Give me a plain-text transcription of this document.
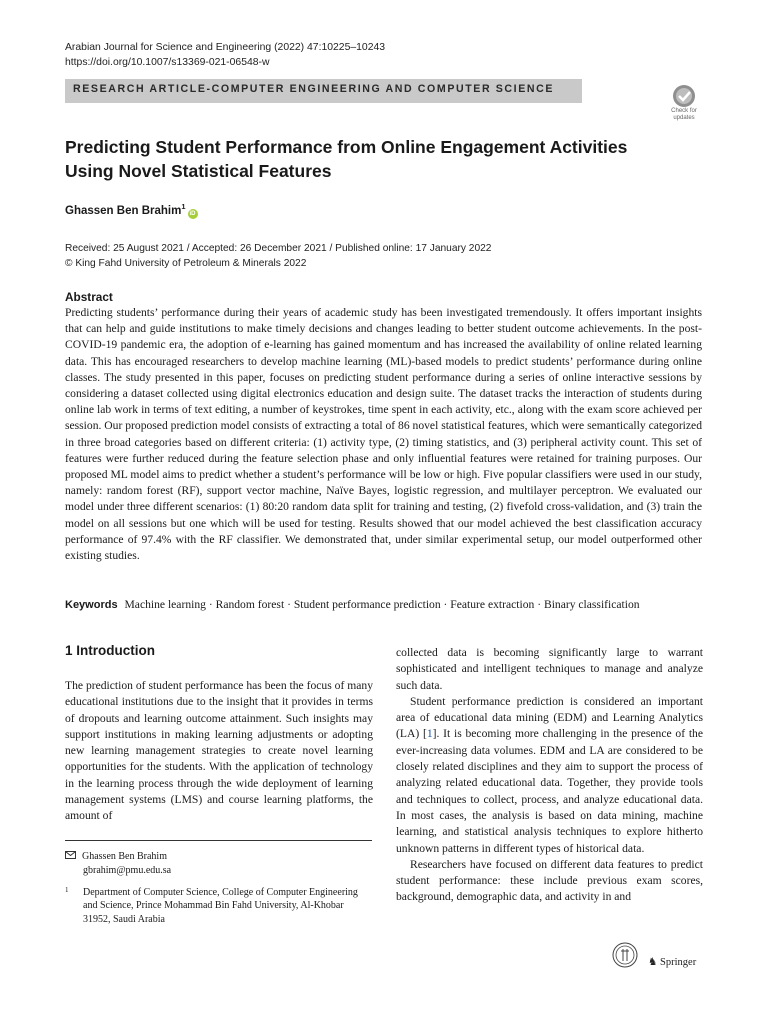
Arabian Journal for Science and Engineering (2022) 47:10225–10243
https://doi.org/10.1007/s13369-021-06548-w
RESEARCH ARTICLE-COMPUTER ENGINEERING AND COMPUTER SCIENCE
Check for updates
Predicting Student Performance from Online Engagement Activities
Using Novel Statistical Features
Ghassen Ben Brahim$^1$iD
Received: 25 August 2021 / Accepted: 26 December 2021 / Published online: 17 January 2022
© King Fahd University of Petroleum & Minerals 2022
Abstract
Predicting students’ performance during their years of academic study has been investigated tremendously. It offers important insights that can help and guide institutions to make timely decisions and changes leading to better student outcome achievements. In the post-COVID-19 pandemic era, the adoption of e-learning has gained momentum and has increased the availability of online related learning data. This has encouraged researchers to develop machine learning (ML)-based models to predict students’ performance during online classes. The study presented in this paper, focuses on predicting student performance during a series of online interactive sessions by considering a dataset collected using digital electronics education and design suite. The dataset tracks the interaction of students during online lab work in terms of text editing, a number of keystrokes, time spent in each activity, etc., along with the exam score achieved per session. Our proposed prediction model consists of extracting a total of 86 novel statistical features, which were semantically categorized in three broad categories based on different criteria: (1) activity type, (2) timing statistics, and (3) peripheral activity count. This set of features were further reduced during the feature selection phase and only influential features were retained for training purposes. Our proposed ML model aims to predict whether a student’s performance will be low or high. Five popular classifiers were used in our study, namely: random forest (RF), support vector machine, Naïve Bayes, logistic regression, and multilayer perceptron. We evaluated our model under three different scenarios: (1) 80:20 random data split for training and testing, (2) fivefold cross-validation, and (3) train the model on all sessions but one which will be used for testing. Results showed that our model achieved the best classification accuracy performance of 97.4% with the RF classifier. We demonstrated that, under similar experimental setup, our model outperformed other existing studies.
Keywords Machine learning · Random forest · Student performance prediction · Feature extraction · Binary classification
1 Introduction

The prediction of student performance has been the focus of many educational institutions due to the insight that it provides in terms of dropouts and learning outcome attainment. Such insights may support institutions in making learning adjustments or adopting new learning management strategies to create novel learning opportunities for the students. With the application of technology in the learning process through the wide deployment of learning management systems (LMS) and course learning platforms, the amount of

collected data is becoming significantly large to warrant sophisticated and intelligent techniques to manage and analyze such data.

Student performance prediction is considered an important area of educational data mining (EDM) and Learning Analytics (LA) [1]. It is becoming more challenging in the presence of the ever-increasing data volumes. EDM and LA are considered to be closely related disciplines and they aim to support the process of analyzing related educational data. Together, they provide tools and techniques to collect, process, and analyze educational data. In most cases, the analysis is based on data mining, machine learning, and statistical analysis techniques to explore hitherto unknown patterns in different types of historical data.

Researchers have focused on different data features to predict student performance: these include previous exam scores, background, demographic data, and activity in and

Ghassen Ben Brahim
gbrahim@pmu.edu.sa
1 Department of Computer Science, College of Computer Engineering and Science, Prince Mohammad Bin Fahd University, Al-Khobar 31952, Saudi Arabia
♞ Springer
